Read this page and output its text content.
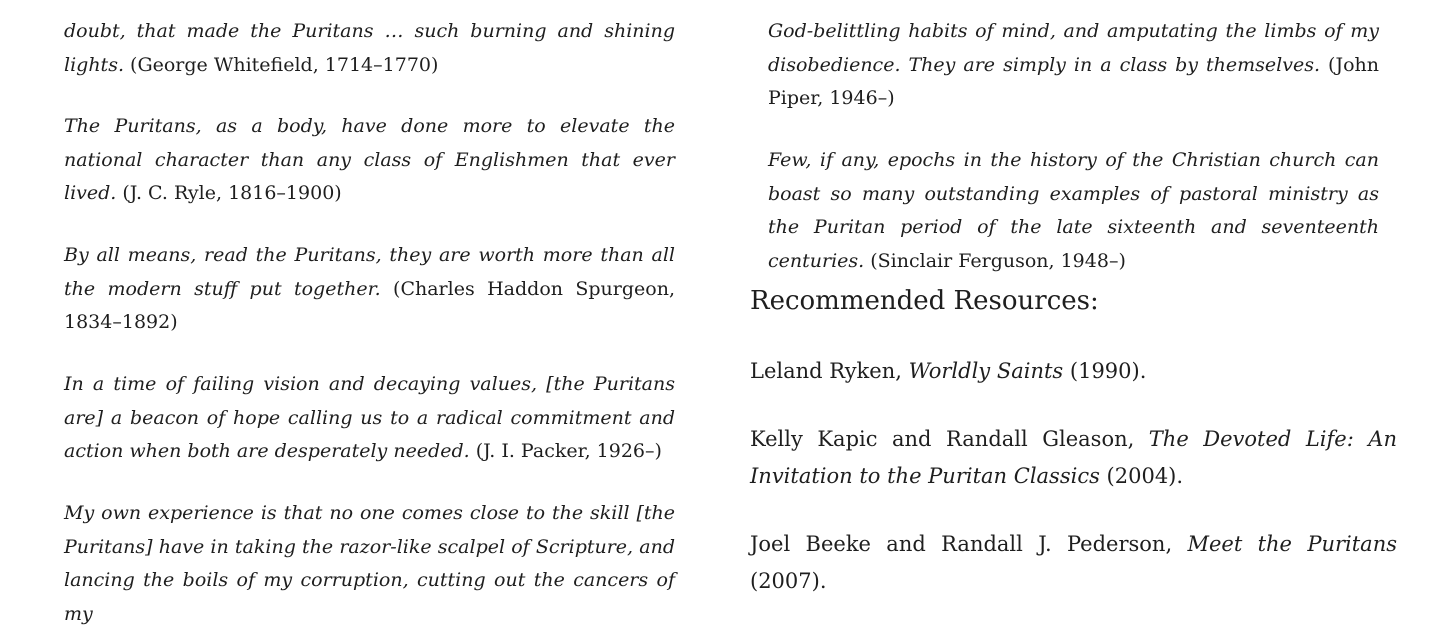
doubt, that made the Puritans … such burning and shining lights. (George Whitefield, 1714–1770)

The Puritans, as a body, have done more to elevate the national character than any class of Englishmen that ever lived. (J. C. Ryle, 1816–1900)

By all means, read the Puritans, they are worth more than all the modern stuff put together. (Charles Haddon Spurgeon, 1834–1892)

In a time of failing vision and decaying values, [the Puritans are] a beacon of hope calling us to a radical commitment and action when both are desperately needed. (J. I. Packer, 1926–)

My own experience is that no one comes close to the skill [the Puritans] have in taking the razor-like scalpel of Scripture, and lancing the boils of my corruption, cutting out the cancers of my

God-belittling habits of mind, and amputating the limbs of my disobedience. They are simply in a class by themselves. (John Piper, 1946–)

Few, if any, epochs in the history of the Christian church can boast so many outstanding examples of pastoral ministry as the Puritan period of the late sixteenth and seventeenth centuries. (Sinclair Ferguson, 1948–)

Recommended Resources:

Leland Ryken, Worldly Saints (1990).

Kelly Kapic and Randall Gleason, The Devoted Life: An Invitation to the Puritan Classics (2004).

Joel Beeke and Randall J. Pederson, Meet the Puritans (2007).
